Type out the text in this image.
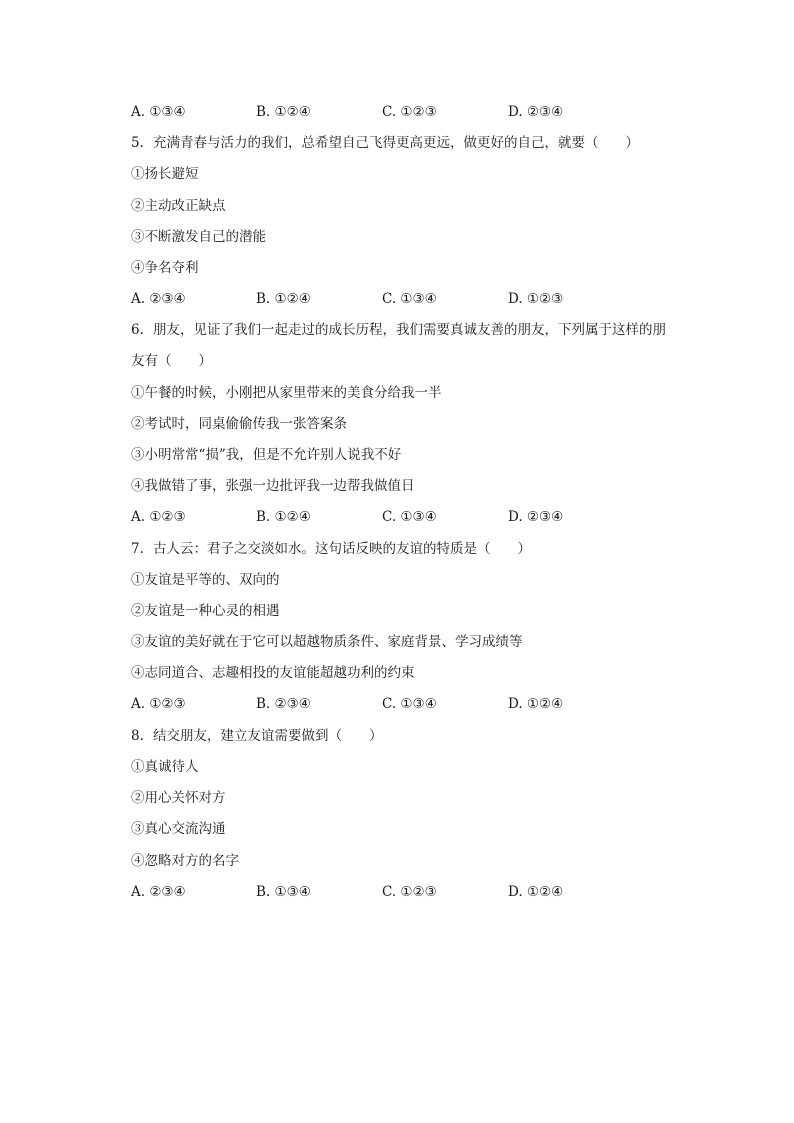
A. ①③④	B. ①②④	C. ①②③	D. ②③④
5. 充满青春与活力的我们，总希望自己飞得更高更远，做更好的自己，就要（　　）
①扬长避短
②主动改正缺点
③不断激发自己的潜能
④争名夺利
A. ②③④	B. ①②④	C. ①③④	D. ①②③
6. 朋友，见证了我们一起走过的成长历程，我们需要真诚友善的朋友，下列属于这样的朋
友有（　　）
①午餐的时候，小刚把从家里带来的美食分给我一半
②考试时，同桌偷偷传我一张答案条
③小明常常“损”我，但是不允许别人说我不好
④我做错了事，张强一边批评我一边帮我做值日
A. ①②③	B. ①②④	C. ①③④	D. ②③④
7. 古人云：君子之交淡如水。这句话反映的友谊的特质是（　　）
①友谊是平等的、双向的
②友谊是一种心灵的相遇
③友谊的美好就在于它可以超越物质条件、家庭背景、学习成绩等
④志同道合、志趣相投的友谊能超越功利的约束
A. ①②③	B. ②③④	C. ①③④	D. ①②④
8. 结交朋友，建立友谊需要做到（　　）
①真诚待人
②用心关怀对方
③真心交流沟通
④忽略对方的名字
A. ②③④	B. ①③④	C. ①②③	D. ①②④
